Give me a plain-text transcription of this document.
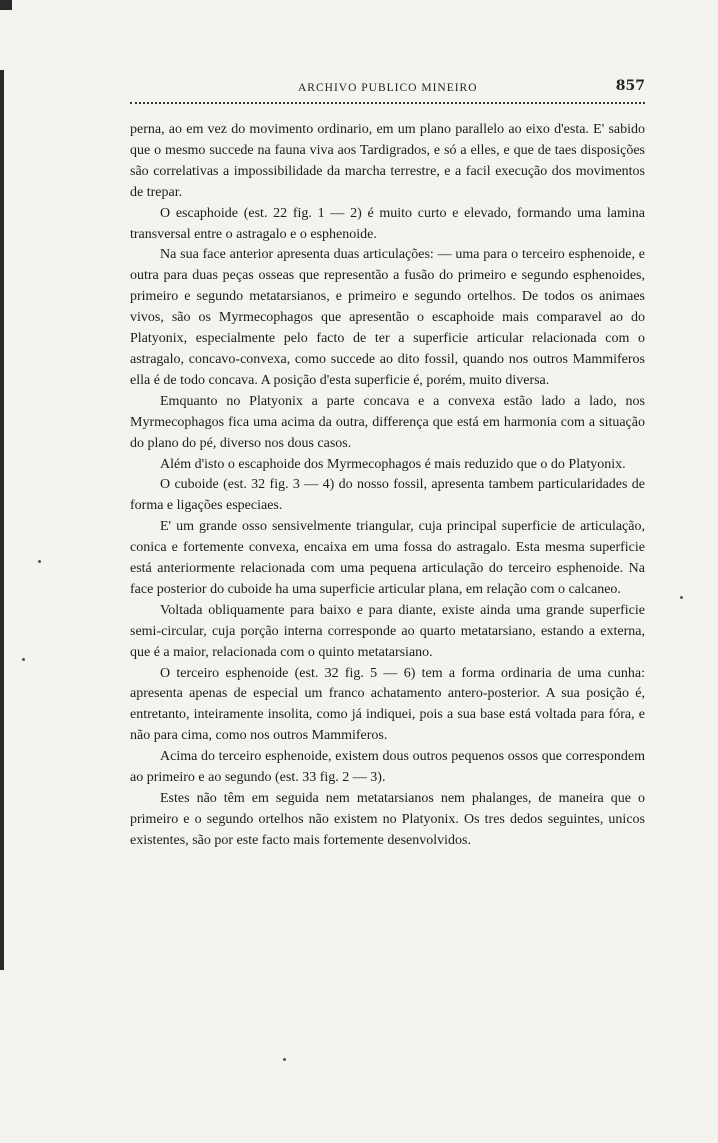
ARCHIVO PUBLICO MINEIRO	857

perna, ao em vez do movimento ordinario, em um plano parallelo ao eixo d'esta. E' sabido que o mesmo succede na fauna viva aos Tardigrados, e só a elles, e que de taes disposições são correlativas a impossibilidade da marcha terrestre, e a facil execução dos movimentos de trepar.

O escaphoide (est. 22 fig. 1 — 2) é muito curto e elevado, formando uma lamina transversal entre o astragalo e o esphenoide.

Na sua face anterior apresenta duas articulações: — uma para o terceiro esphenoide, e outra para duas peças osseas que representão a fusão do primeiro e segundo esphenoides, primeiro e segundo metatarsianos, e primeiro e segundo ortelhos. De todos os animaes vivos, são os Myrmecophagos que apresentão o escaphoide mais comparavel ao do Platyonix, especialmente pelo facto de ter a superficie articular relacionada com o astragalo, concavo-convexa, como succede ao dito fossil, quando nos outros Mammiferos ella é de todo concava. A posição d'esta superficie é, porém, muito diversa.

Emquanto no Platyonix a parte concava e a convexa estão lado a lado, nos Myrmecophagos fica uma acima da outra, differença que está em harmonia com a situação do plano do pé, diverso nos dous casos.

Além d'isto o escaphoide dos Myrmecophagos é mais reduzido que o do Platyonix.

O cuboide (est. 32 fig. 3 — 4) do nosso fossil, apresenta tambem particularidades de forma e ligações especiaes.

E' um grande osso sensivelmente triangular, cuja principal superficie de articulação, conica e fortemente convexa, encaixa em uma fossa do astragalo. Esta mesma superficie está anteriormente relacionada com uma pequena articulação do terceiro esphenoide. Na face posterior do cuboide ha uma superficie articular plana, em relação com o calcaneo.

Voltada obliquamente para baixo e para diante, existe ainda uma grande superficie semi-circular, cuja porção interna corresponde ao quarto metatarsiano, estando a externa, que é a maior, relacionada com o quinto metatarsiano.

O terceiro esphenoide (est. 32 fig. 5 — 6) tem a forma ordinaria de uma cunha: apresenta apenas de especial um franco achatamento antero-posterior. A sua posição é, entretanto, inteiramente insolita, como já indiquei, pois a sua base está voltada para fóra, e não para cima, como nos outros Mammiferos.

Acima do terceiro esphenoide, existem dous outros pequenos ossos que correspondem ao primeiro e ao segundo (est. 33 fig. 2 — 3).

Estes não têm em seguida nem metatarsianos nem phalanges, de maneira que o primeiro e o segundo ortelhos não existem no Platyonix. Os tres dedos seguintes, unicos existentes, são por este facto mais fortemente desenvolvidos.
